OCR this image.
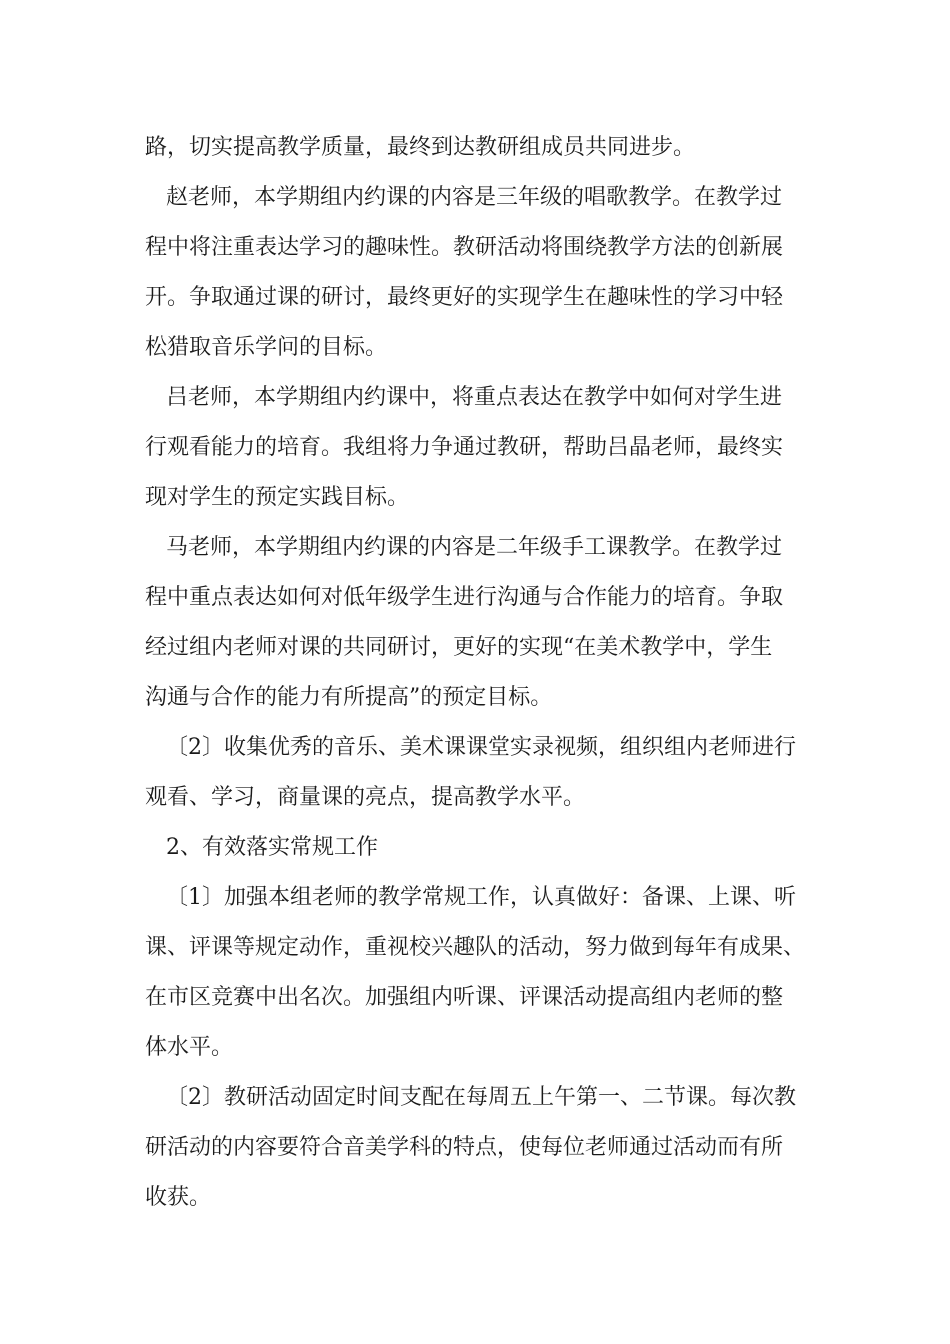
路，切实提高教学质量，最终到达教研组成员共同进步。
赵老师，本学期组内约课的内容是三年级的唱歌教学。在教学过
程中将注重表达学习的趣味性。教研活动将围绕教学方法的创新展
开。争取通过课的研讨，最终更好的实现学生在趣味性的学习中轻
松猎取音乐学问的目标。
吕老师，本学期组内约课中，将重点表达在教学中如何对学生进
行观看能力的培育。我组将力争通过教研，帮助吕晶老师，最终实
现对学生的预定实践目标。
马老师，本学期组内约课的内容是二年级手工课教学。在教学过
程中重点表达如何对低年级学生进行沟通与合作能力的培育。争取
经过组内老师对课的共同研讨，更好的实现“在美术教学中，学生
沟通与合作的能力有所提高”的预定目标。
〔2〕收集优秀的音乐、美术课课堂实录视频，组织组内老师进行
观看、学习，商量课的亮点，提高教学水平。
2、有效落实常规工作
〔1〕加强本组老师的教学常规工作，认真做好：备课、上课、听
课、评课等规定动作，重视校兴趣队的活动，努力做到每年有成果、
在市区竞赛中出名次。加强组内听课、评课活动提高组内老师的整
体水平。
〔2〕教研活动固定时间支配在每周五上午第一、二节课。每次教
研活动的内容要符合音美学科的特点，使每位老师通过活动而有所
收获。
